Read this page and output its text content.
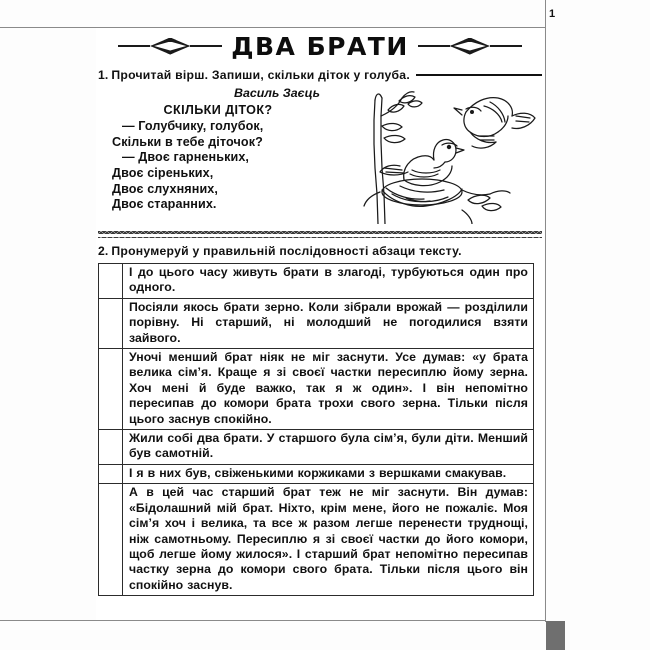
1
ДВА БРАТИ
1. Прочитай вірш. Запиши, скільки діток у голуба.
Василь Заєць
СКІЛЬКИ ДІТОК?
— Голубчику, голубок,
Скільки в тебе діточок?
— Двоє гарненьких,
Двоє сіреньких,
Двоє слухняних,
Двоє старанних.
2. Пронумеруй у правильній послідовності абзаци тексту.
	І до цього часу живуть брати в злагоді, турбуються один про одного.
	Посіяли якось брати зерно. Коли зібрали врожай — розділили порівну. Ні старший, ні молодший не погодилися взяти зайвого.
	Уночі менший брат ніяк не міг заснути. Усе думав: «у брата велика сім’я. Краще я зі своєї частки пересиплю йому зерна. Хоч мені й буде важко, так я ж один». І він непомітно пересипав до комори брата трохи свого зерна. Тільки після цього заснув спокійно.
	Жили собі два брати. У старшого була сім’я, були діти. Менший був самотній.
	І я в них був, свіженькими коржиками з вершками смакував.
	А в цей час старший брат теж не міг заснути. Він думав: «Бідолашний мій брат. Ніхто, крім мене, його не пожаліє. Моя сім’я хоч і велика, та все ж разом легше перенести труднощі, ніж самотньому. Пересиплю я зі своєї частки до його комори, щоб легше йому жилося». І старший брат непомітно пересипав частку зерна до комори свого брата. Тільки після цього він спокійно заснув.
